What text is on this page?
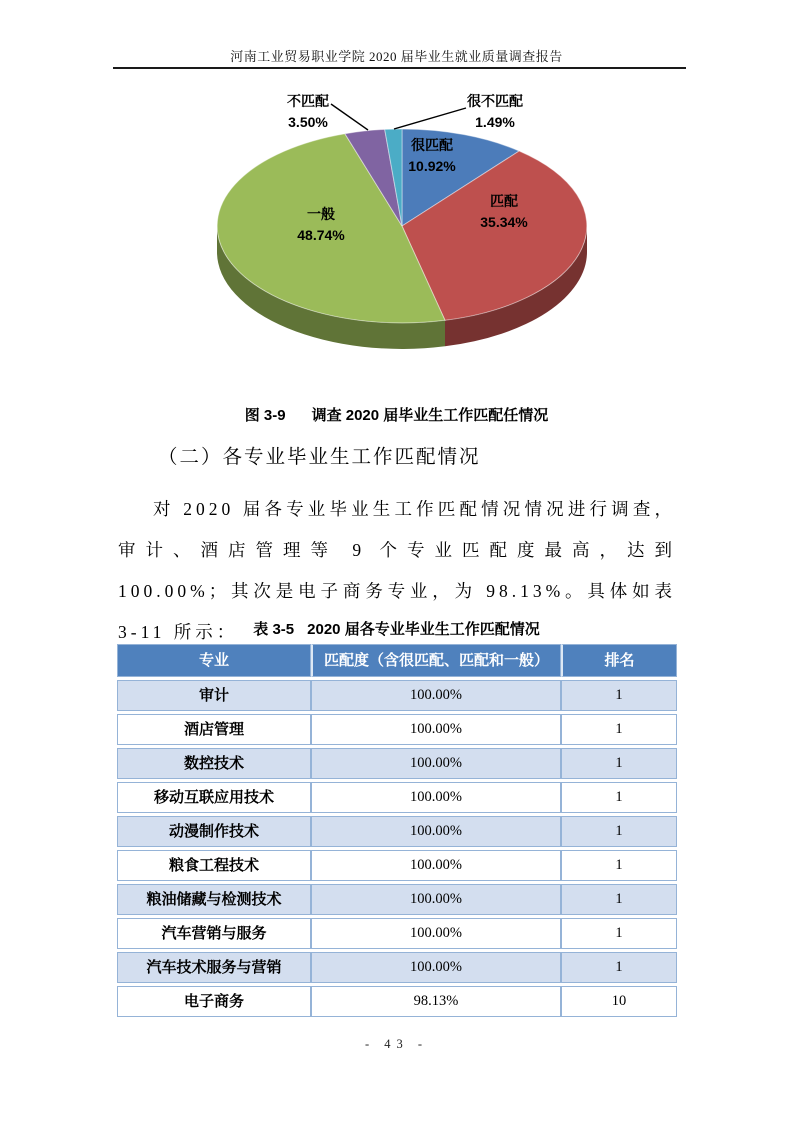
河南工业贸易职业学院 2020 届毕业生就业质量调查报告
很匹配
10.92%
匹配
35.34%
一般
48.74%
不匹配
3.50%
很不匹配
1.49%
图 3-9 调查 2020 届毕业生工作匹配任情况
（二）各专业毕业生工作匹配情况

对 2020 届各专业毕业生工作匹配情况情况进行调查，审计、酒店管理等 9 个专业匹配度最高，达到 100.00%；其次是电子商务专业，为 98.13%。具体如表 3-11 所示： 表 3-5 2020 届各专业毕业生工作匹配情况
专业	匹配度（含很匹配、匹配和一般）	排名
审计	100.00%	1
酒店管理	100.00%	1
数控技术	100.00%	1
移动互联应用技术	100.00%	1
动漫制作技术	100.00%	1
粮食工程技术	100.00%	1
粮油储藏与检测技术	100.00%	1
汽车营销与服务	100.00%	1
汽车技术服务与营销	100.00%	1
电子商务	98.13%	10
- 43 -
